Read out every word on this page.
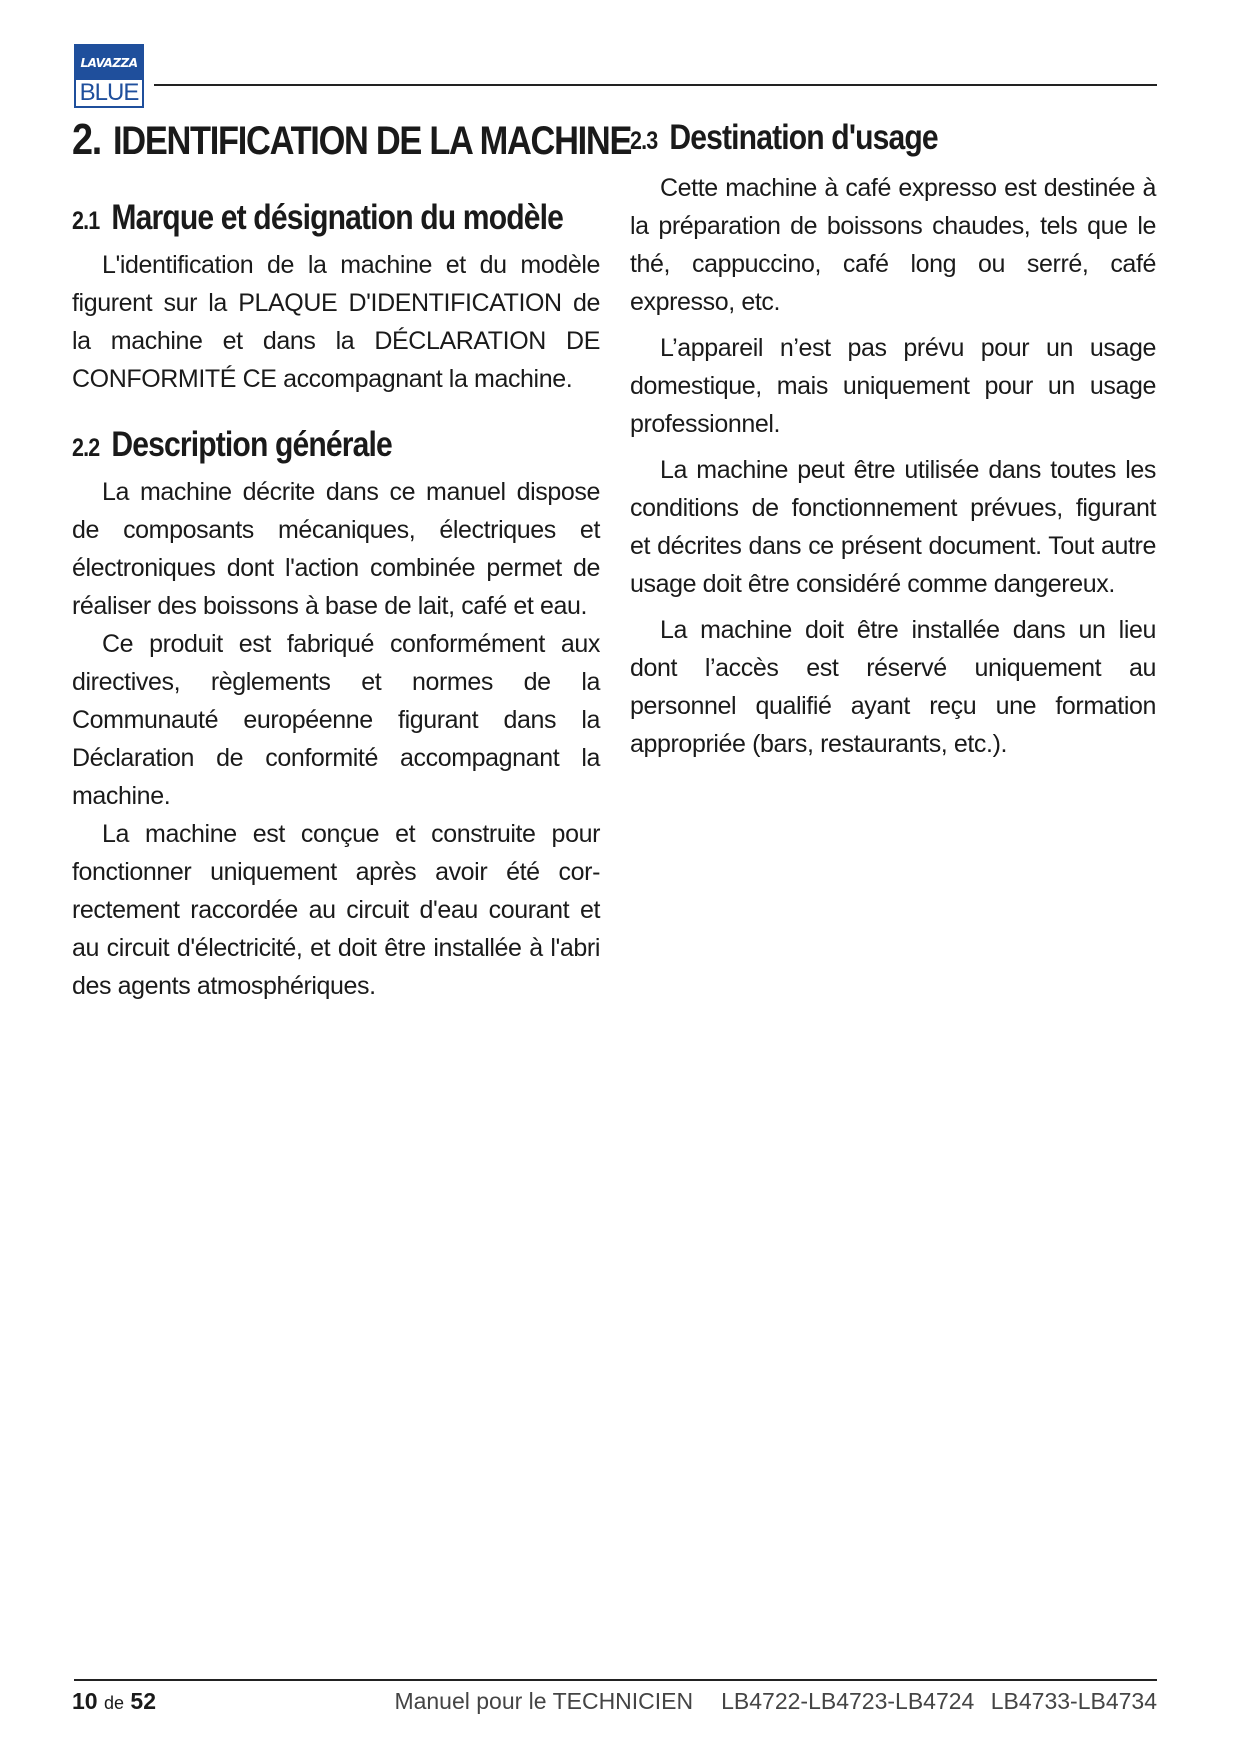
LAVAZZA
BLUE
2. IDENTIFICATION DE LA MACHINE
2.1 Marque et désignation du modèle

L'identification de la machine et du modèle figurent sur la PLAQUE D'IDENTIFICATION de la machine et dans la DÉCLARATION DE CONFORMITÉ CE accompagnant la machine.

2.2 Description générale

La machine décrite dans ce manuel dispose de composants mécaniques, électriques et électroniques dont l'action combinée permet de réaliser des boissons à base de lait, café et eau.

Ce produit est fabriqué conformément aux directives, règlements et normes de la Communauté européenne figurant dans la Déclaration de conformité accompagnant la machine.

La machine est conçue et construite pour fonctionner uniquement après avoir été cor-rectement raccordée au circuit d'eau courant et au circuit d'électricité, et doit être installée à l'abri des agents atmosphériques.

2.3 Destination d'usage

Cette machine à café expresso est destinée à la préparation de boissons chaudes, tels que le thé, cappuccino, café long ou serré, café expresso, etc.

L’appareil n’est pas prévu pour un usage domestique, mais uniquement pour un usage professionnel.

La machine peut être utilisée dans toutes les conditions de fonctionnement prévues, figurant et décrites dans ce présent document. Tout autre usage doit être considéré comme dangereux.

La machine doit être installée dans un lieu dont l’accès est réservé uniquement au personnel qualifié ayant reçu une formation appropriée (bars, restaurants, etc.).

10 de 52	Manuel pour le TECHNICIEN LB4722-LB4723-LB4724 LB4733-LB4734
